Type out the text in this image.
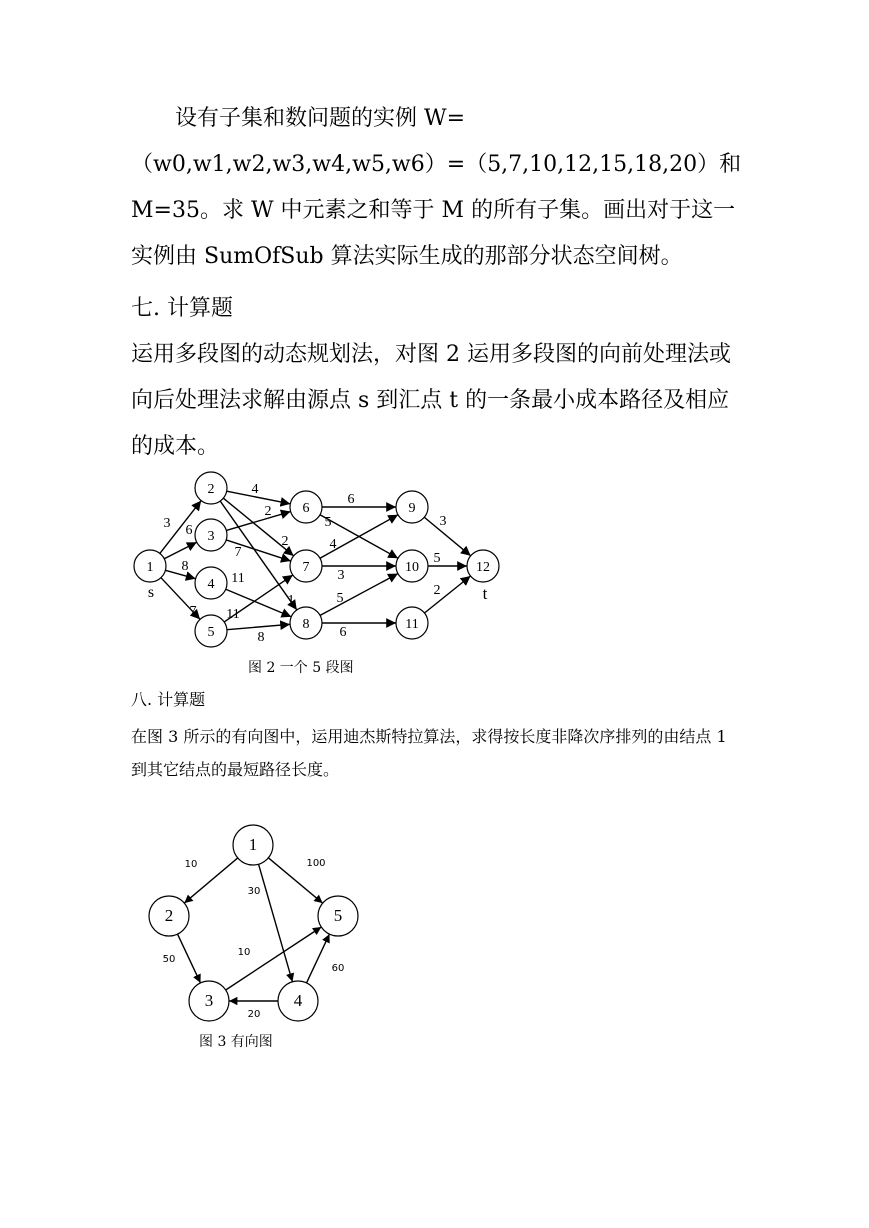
设有子集和数问题的实例 W=（w0,w1,w2,w3,w4,w5,w6）=（5,7,10,12,15,18,20）和 M=35。求 W 中元素之和等于 M 的所有子集。画出对于这一实例由 SumOfSub 算法实际生成的那部分状态空间树。
七. 计算题
运用多段图的动态规划法，对图 2 运用多段图的向前处理法或向后处理法求解由源点 s 到汇点 t 的一条最小成本路径及相应的成本。
3 6
8
7
4
2
1
2
7
11
11
8
6
5
4
3
5
6
3
5
2
1
2
3
4
5
6
7
8
9
10
11
12
s	t
图 2 一个 5 段图
八. 计算题
在图 3 所示的有向图中，运用迪杰斯特拉算法，求得按长度非降次序排列的由结点 1 到其它结点的最短路径长度。
10
30
100
50
10
20
60
1
2
3	4
5
图 3 有向图
